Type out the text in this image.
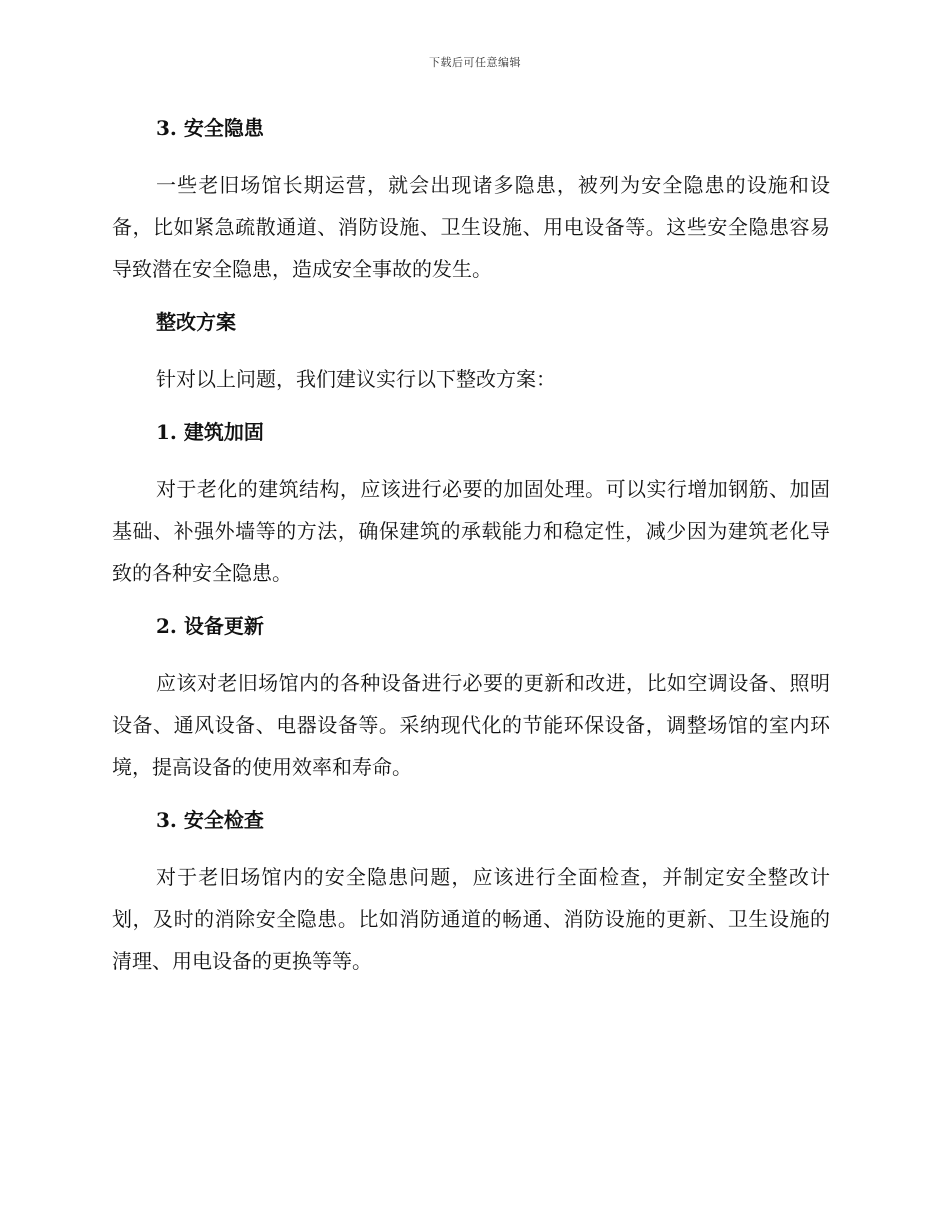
下载后可任意编辑
3. 安全隐患

一些老旧场馆长期运营，就会出现诸多隐患，被列为安全隐患的设施和设备，比如紧急疏散通道、消防设施、卫生设施、用电设备等。这些安全隐患容易导致潜在安全隐患，造成安全事故的发生。

整改方案

针对以上问题，我们建议实行以下整改方案：

1. 建筑加固

对于老化的建筑结构，应该进行必要的加固处理。可以实行增加钢筋、加固基础、补强外墙等的方法，确保建筑的承载能力和稳定性，减少因为建筑老化导致的各种安全隐患。

2. 设备更新

应该对老旧场馆内的各种设备进行必要的更新和改进，比如空调设备、照明设备、通风设备、电器设备等。采纳现代化的节能环保设备，调整场馆的室内环境，提高设备的使用效率和寿命。

3. 安全检查

对于老旧场馆内的安全隐患问题，应该进行全面检查，并制定安全整改计划，及时的消除安全隐患。比如消防通道的畅通、消防设施的更新、卫生设施的清理、用电设备的更换等等。
